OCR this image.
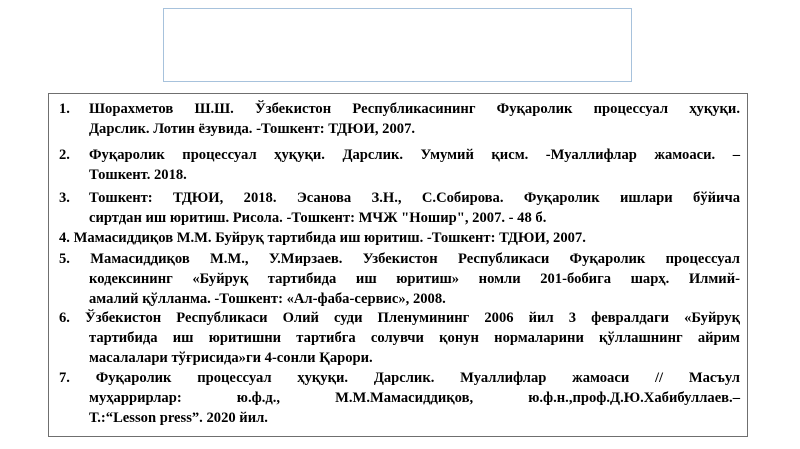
1. Шорахметов Ш.Ш. Ўзбекистон Республикасининг Фуқаролик процессуал ҳуқуқи.
Дарслик. Лотин ёзувида. -Тошкент: ТДЮИ, 2007.
2. Фуқаролик процессуал ҳуқуқи. Дарслик. Умумий қисм. -Муаллифлар жамоаси. –
Тошкент. 2018.
3. Тошкент: ТДЮИ, 2018. Эсанова З.Н., С.Собирова. Фуқаролик ишлари бўйича
сиртдан иш юритиш. Рисола. -Тошкент: МЧЖ "Ношир", 2007. - 48 б.
4. Мамасиддиқов М.М. Буйруқ тартибида иш юритиш. -Тошкент: ТДЮИ, 2007.
5. Мамасиддиқов М.М., У.Мирзаев. Узбекистон Республикаси Фуқаролик процессуал
кодексининг «Буйруқ тартибида иш юритиш» номли 201-бобига шарҳ. Илмий-
амалий қўлланма. -Тошкент: «Ал-фаба-сервис», 2008.
6. Ўзбекистон Республикаси Олий суди Пленумининг 2006 йил 3 февралдаги «Буйруқ
тартибида иш юритишни тартибга солувчи қонун нормаларини қўллашнинг айрим
масалалари тўғрисида»ги 4-сонли Қарори.
7. Фуқаролик процессуал ҳуқуқи. Дарслик. Муаллифлар жамоаси // Масъул
муҳаррирлар: ю.ф.д., М.М.Мамасиддиқов, ю.ф.н.,проф.Д.Ю.Хабибуллаев.–
Т.:“Lesson press”. 2020 йил.
